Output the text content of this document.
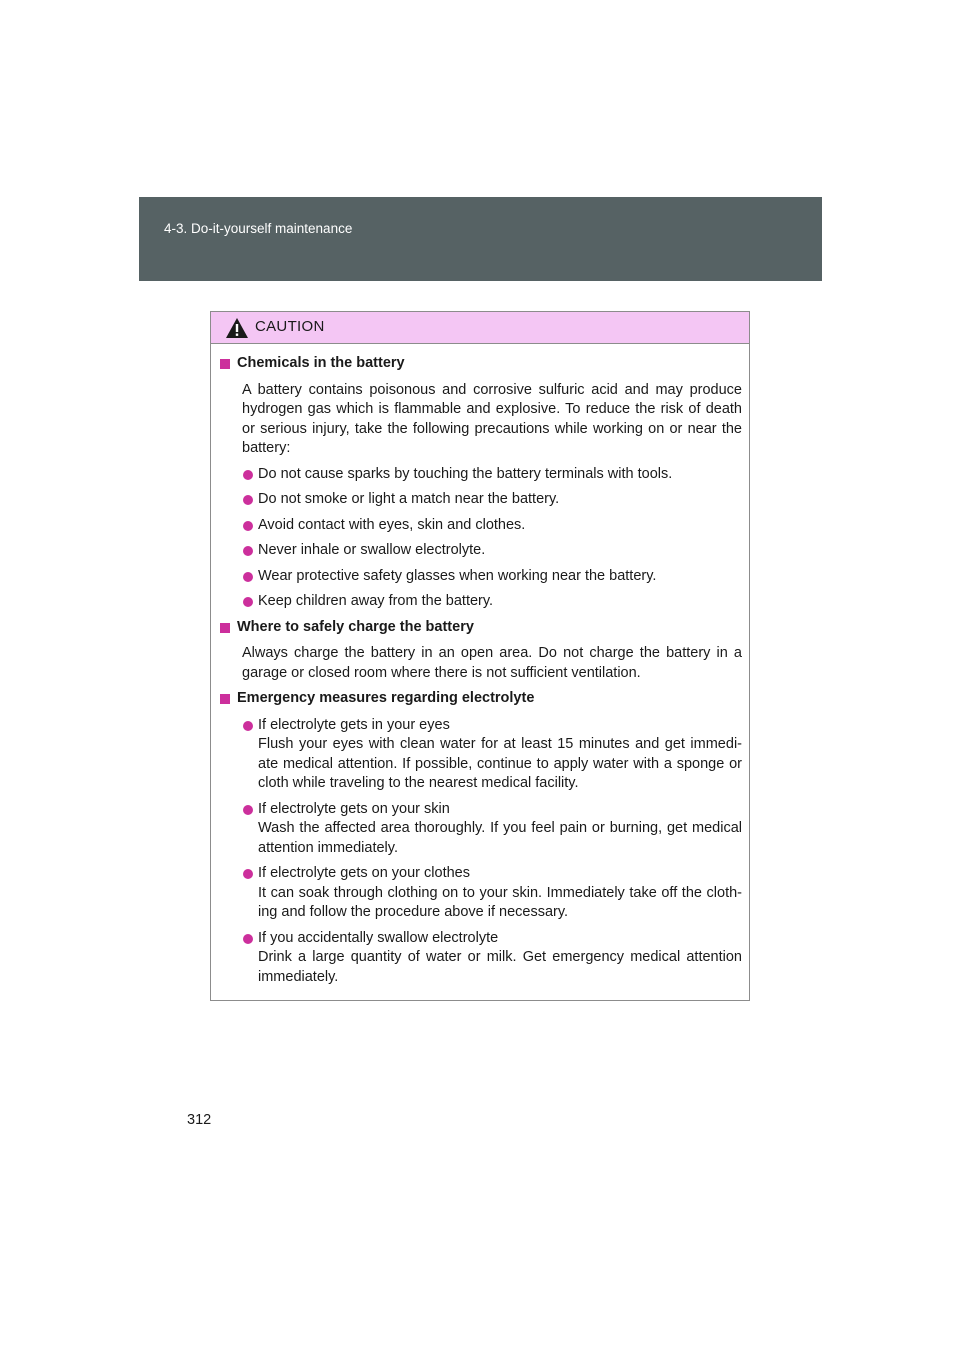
4-3. Do-it-yourself maintenance
CAUTION
Chemicals in the battery
A battery contains poisonous and corrosive sulfuric acid and may produce hydrogen gas which is flammable and explosive. To reduce the risk of death or serious injury, take the following precautions while working on or near the battery:
Do not cause sparks by touching the battery terminals with tools.
Do not smoke or light a match near the battery.
Avoid contact with eyes, skin and clothes.
Never inhale or swallow electrolyte.
Wear protective safety glasses when working near the battery.
Keep children away from the battery.
Where to safely charge the battery
Always charge the battery in an open area. Do not charge the battery in a garage or closed room where there is not sufficient ventilation.
Emergency measures regarding electrolyte
If electrolyte gets in your eyes
Flush your eyes with clean water for at least 15 minutes and get immedi-ate medical attention. If possible, continue to apply water with a sponge or cloth while traveling to the nearest medical facility.
If electrolyte gets on your skin
Wash the affected area thoroughly. If you feel pain or burning, get medical attention immediately.
If electrolyte gets on your clothes
It can soak through clothing on to your skin. Immediately take off the cloth-ing and follow the procedure above if necessary.
If you accidentally swallow electrolyte
Drink a large quantity of water or milk. Get emergency medical attention immediately.
312
